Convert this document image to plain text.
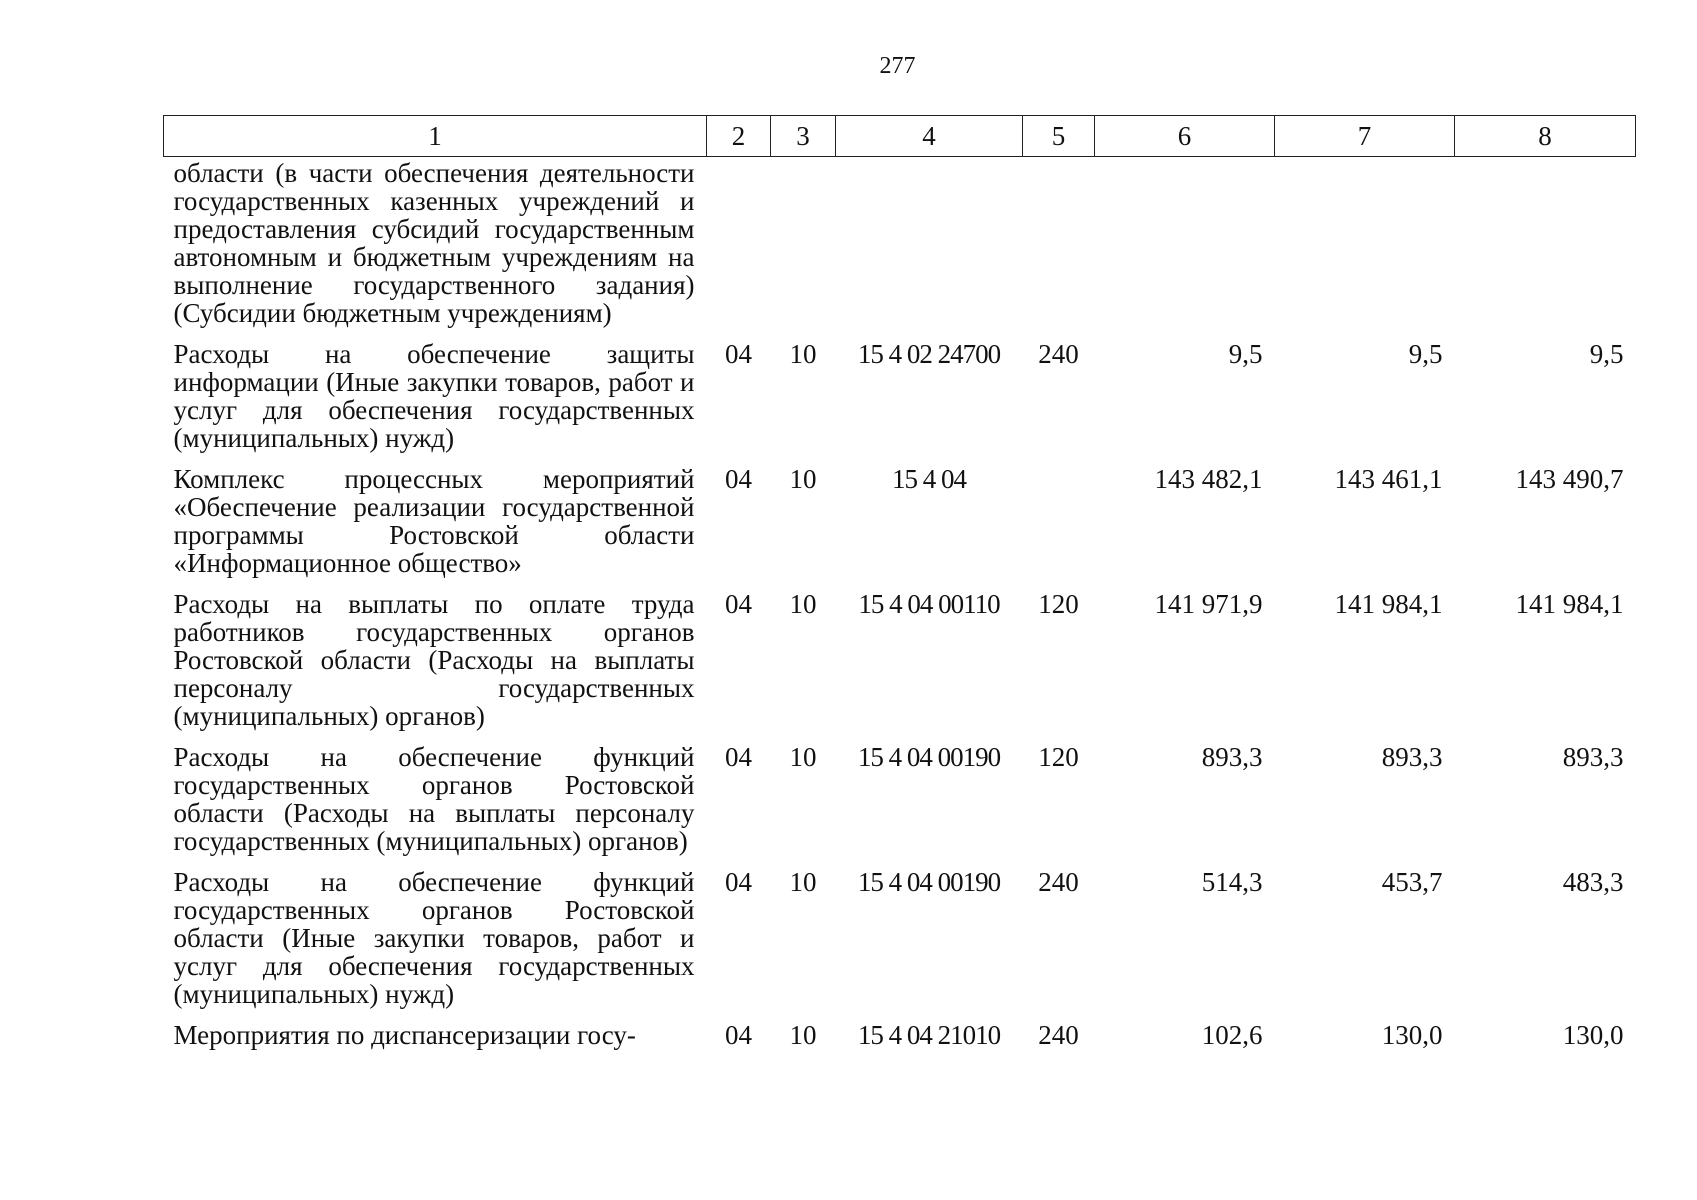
277
1	2	3	4	5	6	7	8
области (в части обеспечения деятельности государственных казенных учреждений и предоставления субсидий государственным автономным и бюджетным учреждениям на выполнение государственного задания) (Субсидии бюджетным учреждениям)							
Расходы на обеспечение защиты информации (Иные закупки товаров, работ и услуг для обеспечения государственных (муниципальных) нужд)	04	10	15 4 02 24700	240	9,5	9,5	9,5
Комплекс процессных мероприятий «Обеспечение реализации государственной программы Ростовской области «Информационное общество»	04	10	15 4 04		143 482,1	143 461,1	143 490,7
Расходы на выплаты по оплате труда работников государственных органов Ростовской области (Расходы на выплаты персоналу государственных (муниципальных) органов)	04	10	15 4 04 00110	120	141 971,9	141 984,1	141 984,1
Расходы на обеспечение функций государственных органов Ростовской области (Расходы на выплаты персоналу государственных (муниципальных) органов)	04	10	15 4 04 00190	120	893,3	893,3	893,3
Расходы на обеспечение функций государственных органов Ростовской области (Иные закупки товаров, работ и услуг для обеспечения государственных (муниципальных) нужд)	04	10	15 4 04 00190	240	514,3	453,7	483,3
Мероприятия по диспансеризации госу-	04	10	15 4 04 21010	240	102,6	130,0	130,0
